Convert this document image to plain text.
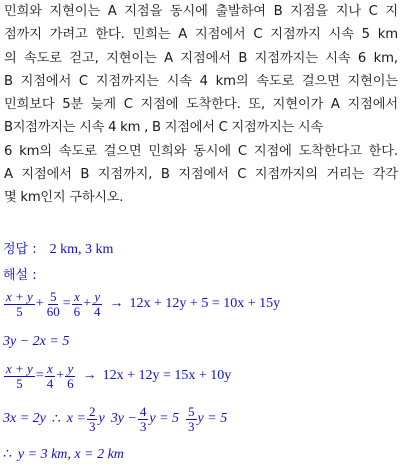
민희와 지현이는 A 지점을 동시에 출발하여 B 지점을 지나 C 지
점까지 가려고 한다. 민희는 A 지점에서 C 지점까지 시속 5 km
의 속도로 걷고, 지현이는 A 지점에서 B 지점까지는 시속 6 km,
B 지점에서 C 지점까지는 시속 4 km의 속도로 걸으면 지현이는
민희보다 5분 늦게 C 지점에 도착한다. 또, 지현이가 A 지점에서
B지점까지는 시속 4 km , B 지점에서 C 지점까지는 시속
6 km의 속도로 걸으면 민희와 동시에 C 지점에 도착한다고 한다.
A 지점에서 B 지점까지, B 지점에서 C 지점까지의 거리는 각각
몇 km인지 구하시오.
정답 : 2 km, 3 km
해설 :
$\frac{x + y}{5} + \frac{5}{60} = \frac{x}{6} + \frac{y}{4} \to 12x + 12y + 5 = 10x + 15y$
3y − 2x = 5
$\frac{x + y}{5} = \frac{x}{4} + \frac{y}{6} \to 12x + 12y = 15x + 10y$
3x = 2y ∴ $x = \frac{2}{3}$ y $3y - \frac{4}{3}$ $y = 5 \frac{5}{3}$ y = 5
∴ y = 3 km, x = 2 km
